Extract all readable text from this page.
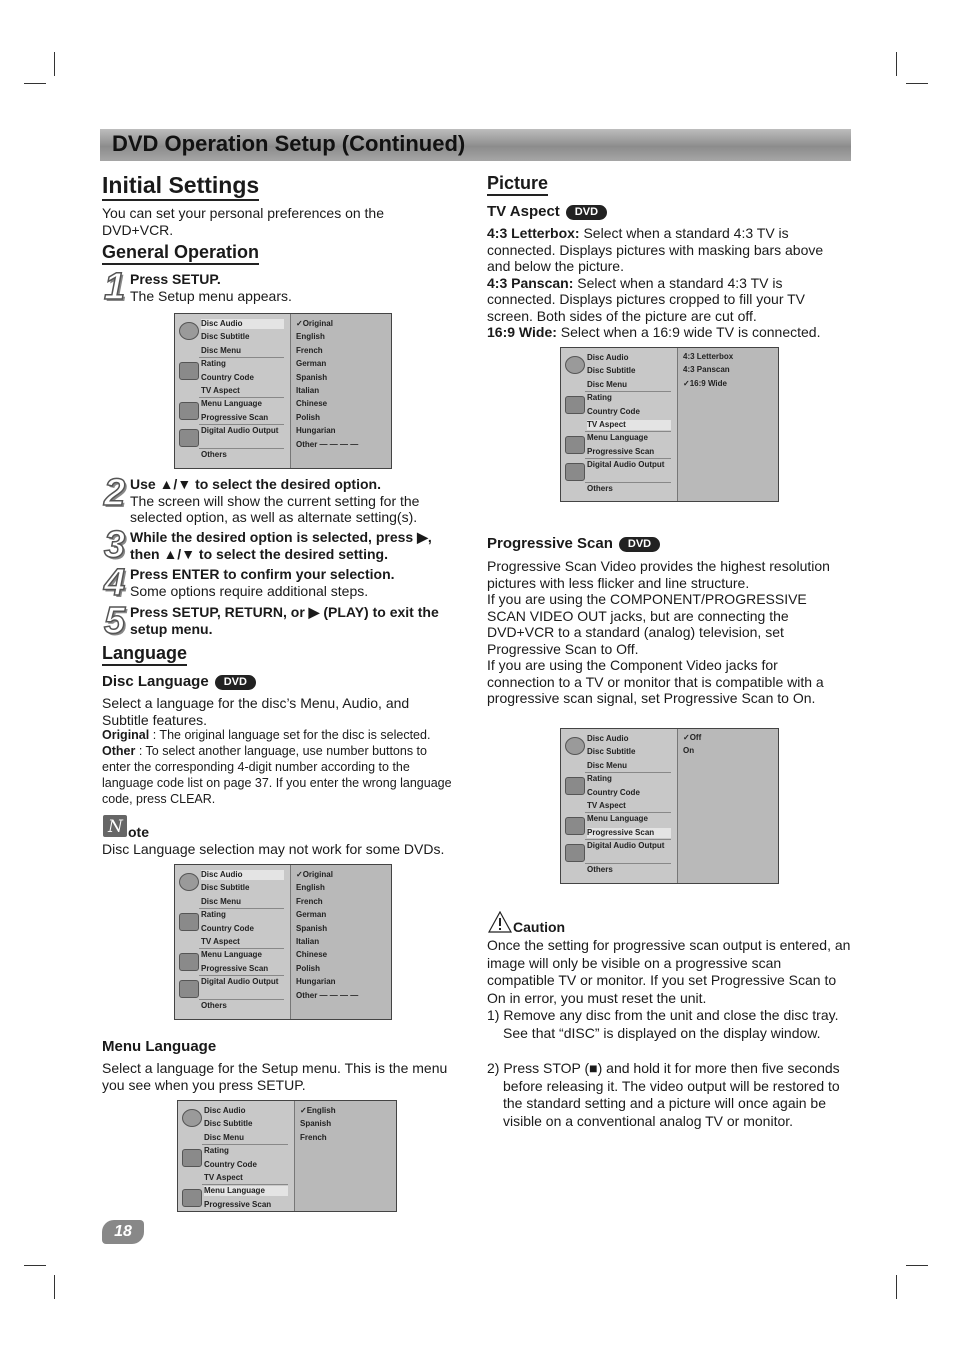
DVD Operation Setup (Continued)
Initial Settings
You can set your personal preferences on the DVD+VCR.
General Operation
1 Press SETUP.
The Setup menu appears.
Disc Audio
Disc Subtitle
Disc Menu
Rating
Country Code
TV Aspect
Menu Language
Progressive Scan
Digital Audio Output
Others
✓Original
English
French
German
Spanish
Italian
Chinese
Polish
Hungarian
Other — — — —
2 Use ▲/▼ to select the desired option.
The screen will show the current setting for the selected option, as well as alternate setting(s).
3 While the desired option is selected, press ▶, then ▲/▼ to select the desired setting.
4 Press ENTER to confirm your selection.
Some options require additional steps.
5 Press SETUP, RETURN, or ▶ (PLAY) to exit the setup menu.
Language
Disc Language DVD
Select a language for the disc’s Menu, Audio, and Subtitle features.
Original : The original language set for the disc is selected.
Other : To select another language, use number buttons to enter the corresponding 4-digit number according to the language code list on page 37. If you enter the wrong language code, press CLEAR.
N ote
Disc Language selection may not work for some DVDs.
Disc Audio
Disc Subtitle
Disc Menu
Rating
Country Code
TV Aspect
Menu Language
Progressive Scan
Digital Audio Output
Others
✓Original
English
French
German
Spanish
Italian
Chinese
Polish
Hungarian
Other — — — —
Menu Language
Select a language for the Setup menu. This is the menu you see when you press SETUP.
Disc Audio
Disc Subtitle
Disc Menu
Rating
Country Code
TV Aspect
Menu Language
Progressive Scan
✓English
Spanish
French
Picture
TV Aspect DVD
4:3 Letterbox: Select when a standard 4:3 TV is connected. Displays pictures with masking bars above and below the picture.
4:3 Panscan: Select when a standard 4:3 TV is connected. Displays pictures cropped to fill your TV screen. Both sides of the picture are cut off.
16:9 Wide: Select when a 16:9 wide TV is connected.
Disc Audio
Disc Subtitle
Disc Menu
Rating
Country Code
TV Aspect
Menu Language
Progressive Scan
Digital Audio Output
Others
4:3 Letterbox
4:3 Panscan
✓16:9 Wide
Progressive Scan DVD
Progressive Scan Video provides the highest resolution pictures with less flicker and line structure.
If you are using the COMPONENT/PROGRESSIVE SCAN VIDEO OUT jacks, but are connecting the DVD+VCR to a standard (analog) television, set Progressive Scan to Off.
If you are using the Component Video jacks for connection to a TV or monitor that is compatible with a progressive scan signal, set Progressive Scan to On.
Disc Audio
Disc Subtitle
Disc Menu
Rating
Country Code
TV Aspect
Menu Language
Progressive Scan
Digital Audio Output
Others
✓Off
On
Caution
Once the setting for progressive scan output is entered, an image will only be visible on a progressive scan compatible TV or monitor. If you set Progressive Scan to On in error, you must reset the unit.
1) Remove any disc from the unit and close the disc tray. See that “dISC” is displayed on the display window.
2) Press STOP (■) and hold it for more then five seconds before releasing it. The video output will be restored to the standard setting and a picture will once again be visible on a conventional analog TV or monitor.
18
